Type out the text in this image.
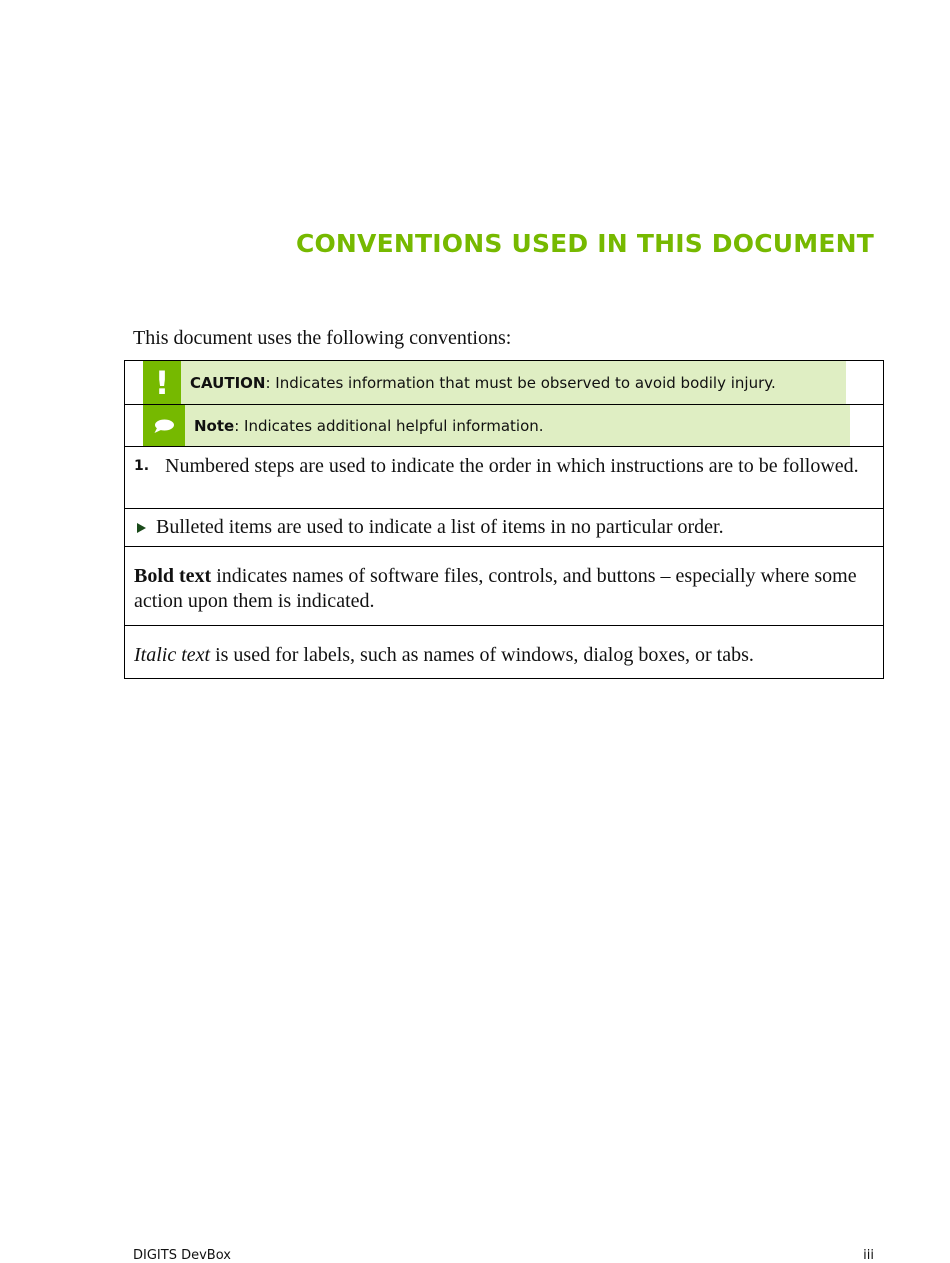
CONVENTIONS USED IN THIS DOCUMENT

This document uses the following conventions:

! CAUTION : Indicates information that must be observed to avoid bodily injury.

Note : Indicates additional helpful information.

1. Numbered steps are used to indicate the order in which instructions are to be followed.

Bulleted items are used to indicate a list of items in no particular order.

Bold text indicates names of software files, controls, and buttons – especially where some action upon them is indicated.

Italic text is used for labels, such as names of windows, dialog boxes, or tabs.

DIGITS DevBox	iii
